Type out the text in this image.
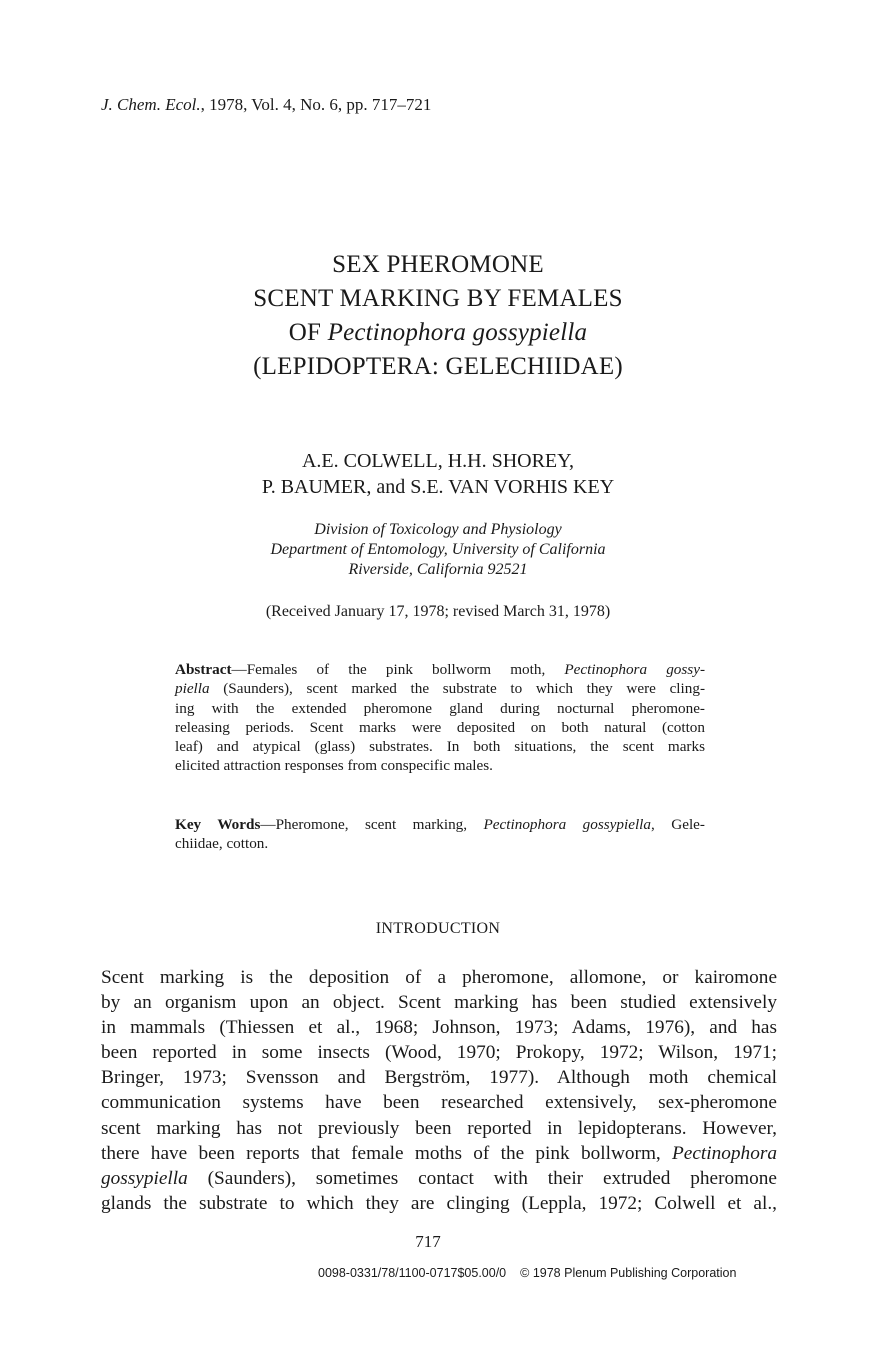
J. Chem. Ecol., 1978, Vol. 4, No. 6, pp. 717–721
SEX PHEROMONE
SCENT MARKING BY FEMALES
OF Pectinophora gossypiella
(LEPIDOPTERA: GELECHIIDAE)
A.E. COLWELL, H.H. SHOREY,
P. BAUMER, and S.E. VAN VORHIS KEY
Division of Toxicology and Physiology
Department of Entomology, University of California
Riverside, California 92521
(Received January 17, 1978; revised March 31, 1978)
Abstract—Females of the pink bollworm moth, Pectinophora gossy-
piella (Saunders), scent marked the substrate to which they were cling-
ing with the extended pheromone gland during nocturnal pheromone-
releasing periods. Scent marks were deposited on both natural (cotton
leaf) and atypical (glass) substrates. In both situations, the scent marks
elicited attraction responses from conspecific males.
Key Words—Pheromone, scent marking, Pectinophora gossypiella, Gele-
chiidae, cotton.
INTRODUCTION
Scent marking is the deposition of a pheromone, allomone, or kairomone
by an organism upon an object. Scent marking has been studied extensively
in mammals (Thiessen et al., 1968; Johnson, 1973; Adams, 1976), and has
been reported in some insects (Wood, 1970; Prokopy, 1972; Wilson, 1971;
Bringer, 1973; Svensson and Bergström, 1977). Although moth chemical
communication systems have been researched extensively, sex-pheromone
scent marking has not previously been reported in lepidopterans. However,
there have been reports that female moths of the pink bollworm, Pectinophora
gossypiella (Saunders), sometimes contact with their extruded pheromone
glands the substrate to which they are clinging (Leppla, 1972; Colwell et al.,
717
0098-0331/78/1100-0717$05.00/0 © 1978 Plenum Publishing Corporation
